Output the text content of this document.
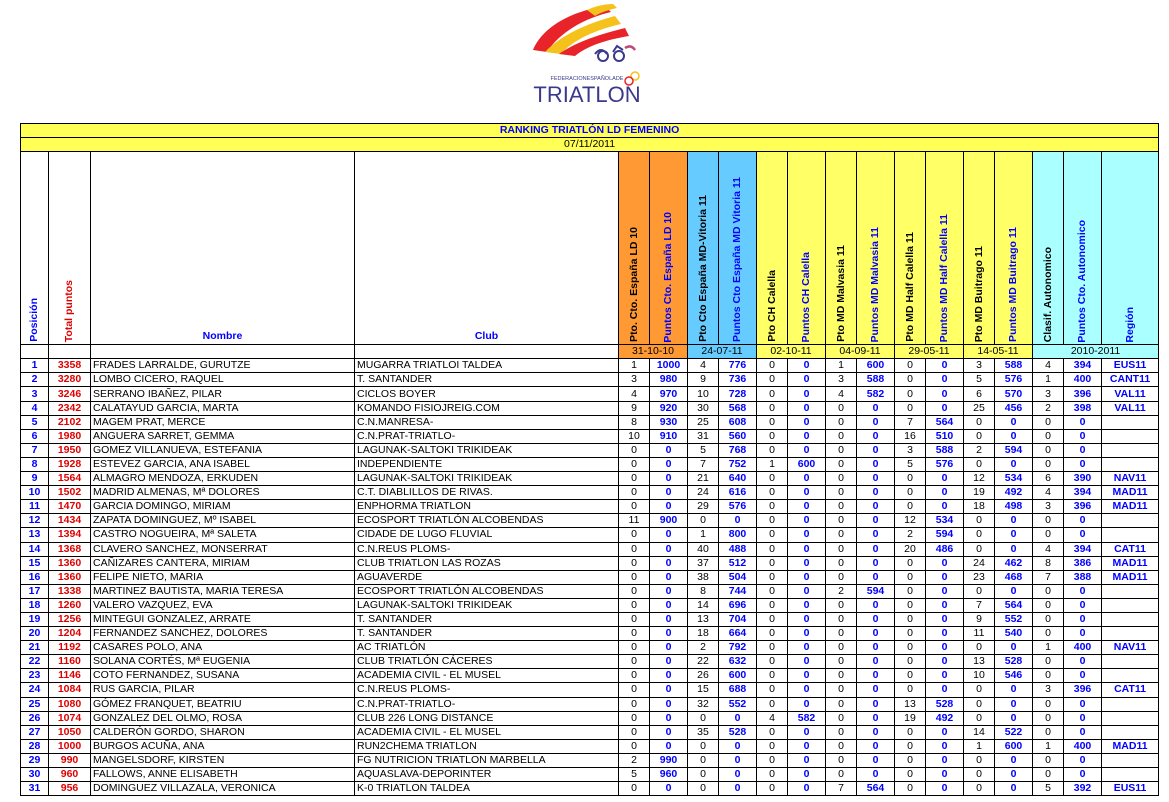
FEDERACIONESPAÑOLADE
TRIATLON
RANKING TRIATLÓN LD FEMENINO																		
07/11/2011																		

Posición	Total puntos	Nombre	Club	Pto. Cto. España LD 10	Puntos Cto. España LD 10	Pto Cto España MD-Vitoria 11	Puntos Cto España MD Vitoria 11	Pto CH Calella	Puntos CH Calella	Pto MD Malvasia 11	Puntos MD Malvasia 11	Pto MD Half Calella 11	Puntos MD Half Calella 11	Pto MD Buitrago 11	Puntos MD Buitrago 11	Clasif. Autonomico	Puntos Cto. Autonomico	Región

				31-10-10		24-07-11		02-10-11		04-09-11		29-05-11		14-05-11		2010-2011		
1	3358	FRADES LARRALDE, GURUTZE	MUGARRA TRIATLOI TALDEA	1	1000	4	776	0	0	1	600	0	0	3	588	4	394	EUS11
2	3280	LOMBO CICERO, RAQUEL	T. SANTANDER	3	980	9	736	0	0	3	588	0	0	5	576	1	400	CANT11
3	3246	SERRANO IBAÑEZ, PILAR	CICLOS BOYER	4	970	10	728	0	0	4	582	0	0	6	570	3	396	VAL11
4	2342	CALATAYUD GARCIA, MARTA	KOMANDO FISIOJREIG.COM	9	920	30	568	0	0	0	0	0	0	25	456	2	398	VAL11
5	2102	MAGEM PRAT, MERCE	C.N.MANRESA-	8	930	25	608	0	0	0	0	7	564	0	0	0	0	
6	1980	ANGUERA SARRET, GEMMA	C.N.PRAT-TRIATLO-	10	910	31	560	0	0	0	0	16	510	0	0	0	0	
7	1950	GOMEZ VILLANUEVA, ESTEFANIA	LAGUNAK-SALTOKI TRIKIDEAK	0	0	5	768	0	0	0	0	3	588	2	594	0	0	
8	1928	ESTEVEZ GARCIA, ANA ISABEL	INDEPENDIENTE	0	0	7	752	1	600	0	0	5	576	0	0	0	0	
9	1564	ALMAGRO MENDOZA, ERKUDEN	LAGUNAK-SALTOKI TRIKIDEAK	0	0	21	640	0	0	0	0	0	0	12	534	6	390	NAV11
10	1502	MADRID ALMENAS, Mª DOLORES	C.T. DIABLILLOS DE RIVAS.	0	0	24	616	0	0	0	0	0	0	19	492	4	394	MAD11
11	1470	GARCIA DOMINGO, MIRIAM	ENPHORMA TRIATLON	0	0	29	576	0	0	0	0	0	0	18	498	3	396	MAD11
12	1434	ZAPATA DOMINGUEZ, Mº ISABEL	ECOSPORT TRIATLÓN ALCOBENDAS	11	900	0	0	0	0	0	0	12	534	0	0	0	0	
13	1394	CASTRO NOGUEIRA, Mª SALETA	CIDADE DE LUGO FLUVIAL	0	0	1	800	0	0	0	0	2	594	0	0	0	0	
14	1368	CLAVERO SANCHEZ, MONSERRAT	C.N.REUS PLOMS-	0	0	40	488	0	0	0	0	20	486	0	0	4	394	CAT11
15	1360	CAÑIZARES CANTERA, MIRIAM	CLUB TRIATLON LAS ROZAS	0	0	37	512	0	0	0	0	0	0	24	462	8	386	MAD11
16	1360	FELIPE NIETO, MARIA	AGUAVERDE	0	0	38	504	0	0	0	0	0	0	23	468	7	388	MAD11
17	1338	MARTINEZ BAUTISTA, MARIA TERESA	ECOSPORT TRIATLÓN ALCOBENDAS	0	0	8	744	0	0	2	594	0	0	0	0	0	0	
18	1260	VALERO VAZQUEZ, EVA	LAGUNAK-SALTOKI TRIKIDEAK	0	0	14	696	0	0	0	0	0	0	7	564	0	0	
19	1256	MINTEGUI GONZALEZ, ARRATE	T. SANTANDER	0	0	13	704	0	0	0	0	0	0	9	552	0	0	
20	1204	FERNANDEZ SANCHEZ, DOLORES	T. SANTANDER	0	0	18	664	0	0	0	0	0	0	11	540	0	0	
21	1192	CASARES POLO, ANA	AC TRIATLÓN	0	0	2	792	0	0	0	0	0	0	0	0	1	400	NAV11
22	1160	SOLANA CORTÉS, Mª EUGENIA	CLUB TRIATLÓN CÁCERES	0	0	22	632	0	0	0	0	0	0	13	528	0	0	
23	1146	COTO FERNANDEZ, SUSANA	ACADEMIA CIVIL - EL MUSEL	0	0	26	600	0	0	0	0	0	0	10	546	0	0	
24	1084	RUS GARCIA, PILAR	C.N.REUS PLOMS-	0	0	15	688	0	0	0	0	0	0	0	0	3	396	CAT11
25	1080	GÓMEZ FRANQUET, BEATRIU	C.N.PRAT-TRIATLO-	0	0	32	552	0	0	0	0	13	528	0	0	0	0	
26	1074	GONZALEZ DEL OLMO, ROSA	CLUB 226 LONG DISTANCE	0	0	0	0	4	582	0	0	19	492	0	0	0	0	
27	1050	CALDERÓN GORDO, SHARON	ACADEMIA CIVIL - EL MUSEL	0	0	35	528	0	0	0	0	0	0	14	522	0	0	
28	1000	BURGOS ACUÑA, ANA	RUN2CHEMA TRIATLON	0	0	0	0	0	0	0	0	0	0	1	600	1	400	MAD11
29	990	MANGELSDORF, KIRSTEN	FG NUTRICION TRIATLON MARBELLA	2	990	0	0	0	0	0	0	0	0	0	0	0	0	
30	960	FALLOWS, ANNE ELISABETH	AQUASLAVA-DEPORINTER	5	960	0	0	0	0	0	0	0	0	0	0	0	0	
31	956	DOMINGUEZ VILLAZALA, VERONICA	K-0 TRIATLON TALDEA	0	0	0	0	0	0	7	564	0	0	0	0	5	392	EUS11
